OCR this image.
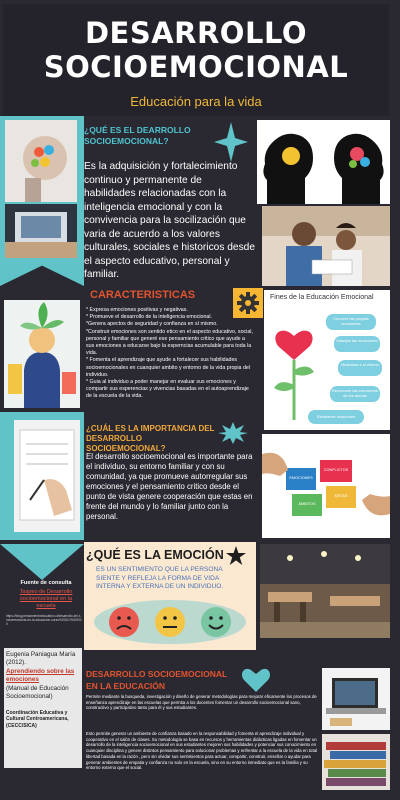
DESARROLLO
SOCIOEMOCIONAL
Educación para la vida
¿QUÉ ES EL DEARROLLO SOCIOEMOCIONAL?
Es la adquisición y fortalecimiento continuo y permanente de habilidades relacionadas con la inteligencia emocional y con la convivencia para la socilización que varia de acuerdo a los valores culturales, sociales e historicos desde el aspecto educativo, personal y familiar.
CARACTERISTICAS
* Expresa emociones positivas y negativas.
* Promueve el desarrollo de la inteligencia emocional.
*Genera apectos de seguridad y confianza en sí mismo.
*Construir emociones son sentido etico en el aspecto educativo, social, personal y familiar que generé ese pensamiento critico que ayude a sus emociones a educarse bajo la esperncias acumulable para toda la vida.
* Fomenta el aprendizaje que ayude a fortalecer sus habilidades socioemocionales en cuanquier ambito y entorno de la vida propia del individuo.
* Guia al individuo a poder manejar en evaluar sus emociones y compartir sus esperencias y vivencias basadas en el autoaprendizaje de la escuela de la vida.
Fines de la Educación Emocional
Conocer las propias emociones
Manejar las emociones
Motivarse a sí mismo
Reconocer las emociones de los demás
Establecer relaciones
¿CUÁL ES LA IMPORTANCIA DEL DESARROLLO SOCIOEMOCIONAL?
El desarrollo socioemocional es importante para el individuo, su entorno familiar y con su comunidad, ya que promueve autorregular sus emociones y el pensamiento critico desde el punto de vista genere cooperación que estas en frente del mundo y lo familiar junto con la personal.
EMOCIONES
CONFLICTOS
METAS
ÁMBITOS
¿QUÉ ES LA EMOCIÓN
ES UN SENTIMIENTO QUE LA PERSONA SIENTE Y REFLEJA LA FORMA DE VIDA INTERNA Y EXTERNA DE UN INDIVIDUO.
Fuente de consulta
Taspeo de Desarrollo socioemocional en la escuela
https://blog.pensamientoeducativo.cl/desarrollo-del-socioemocional-en-la-educacion-curso%2fJUO%2f2020
Eugenia Paniagua María (2012).
Aprendiendo sobre las emociones
(Manual de Educación Socioemocional)
Coordinación Educativa y Cultural Centroamericana, (CECC/SICA)
DESARROLLO SOCIOEMOCIONAL
EN LA EDUCACIÓN
Permite mediante la busqueda, investigación y diseño de generar metodologías para mejorar eficamente los procesos de enseñanza aprendizaje en las escuelas que permita a los docentes fomentar un desarrollo socioemocional sano, constructivo y participativo tanto para él y sus estudiantes.
Esto permite generar un ambiente de confianza basado en la responsabilidad y fomenta el aprendizaje individual y cooperativo en el salón de clases. Su metodología se basa en recursos y herramientas didácticas ligadas en fomentar un desarrollo de la inteligencia socioemocional en sus estudiantes mejoren sus habilidades y potenciar sus conocimiento en cuanquier disciplina y genere distintos pensamiento para solucionar problemas y enfrentar a la escuela de la vida en total libertad basada en la razón , pero sin olvidar sus sentimientos para actuar, compartir, construir, enseñar o ayudar para generar ambientes de empatia y confianza no solo en la escuela, sino en su entorno inmediato que es la familia y su entorno externo que el social.
